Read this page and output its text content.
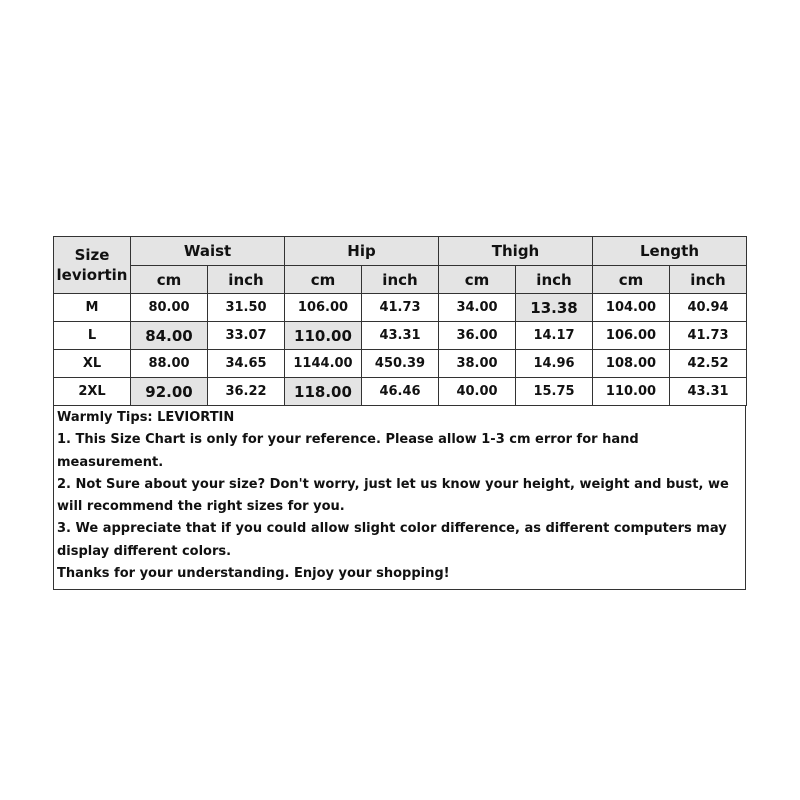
Size
leviortin	Waist		Hip		Thigh		Length	
	cm	inch	cm	inch	cm	inch	cm	inch
M	80.00	31.50	106.00	41.73	34.00	13.38	104.00	40.94
L	84.00	33.07	110.00	43.31	36.00	14.17	106.00	41.73
XL	88.00	34.65	1144.00	450.39	38.00	14.96	108.00	42.52
2XL	92.00	36.22	118.00	46.46	40.00	15.75	110.00	43.31
Warmly Tips: LEVIORTIN
1. This Size Chart is only for your reference. Please allow 1-3 cm error for hand measurement.
2. Not Sure about your size? Don't worry, just let us know your height, weight and bust, we will recommend the right sizes for you.
3. We appreciate that if you could allow slight color difference, as different computers may display different colors.
Thanks for your understanding. Enjoy your shopping!
